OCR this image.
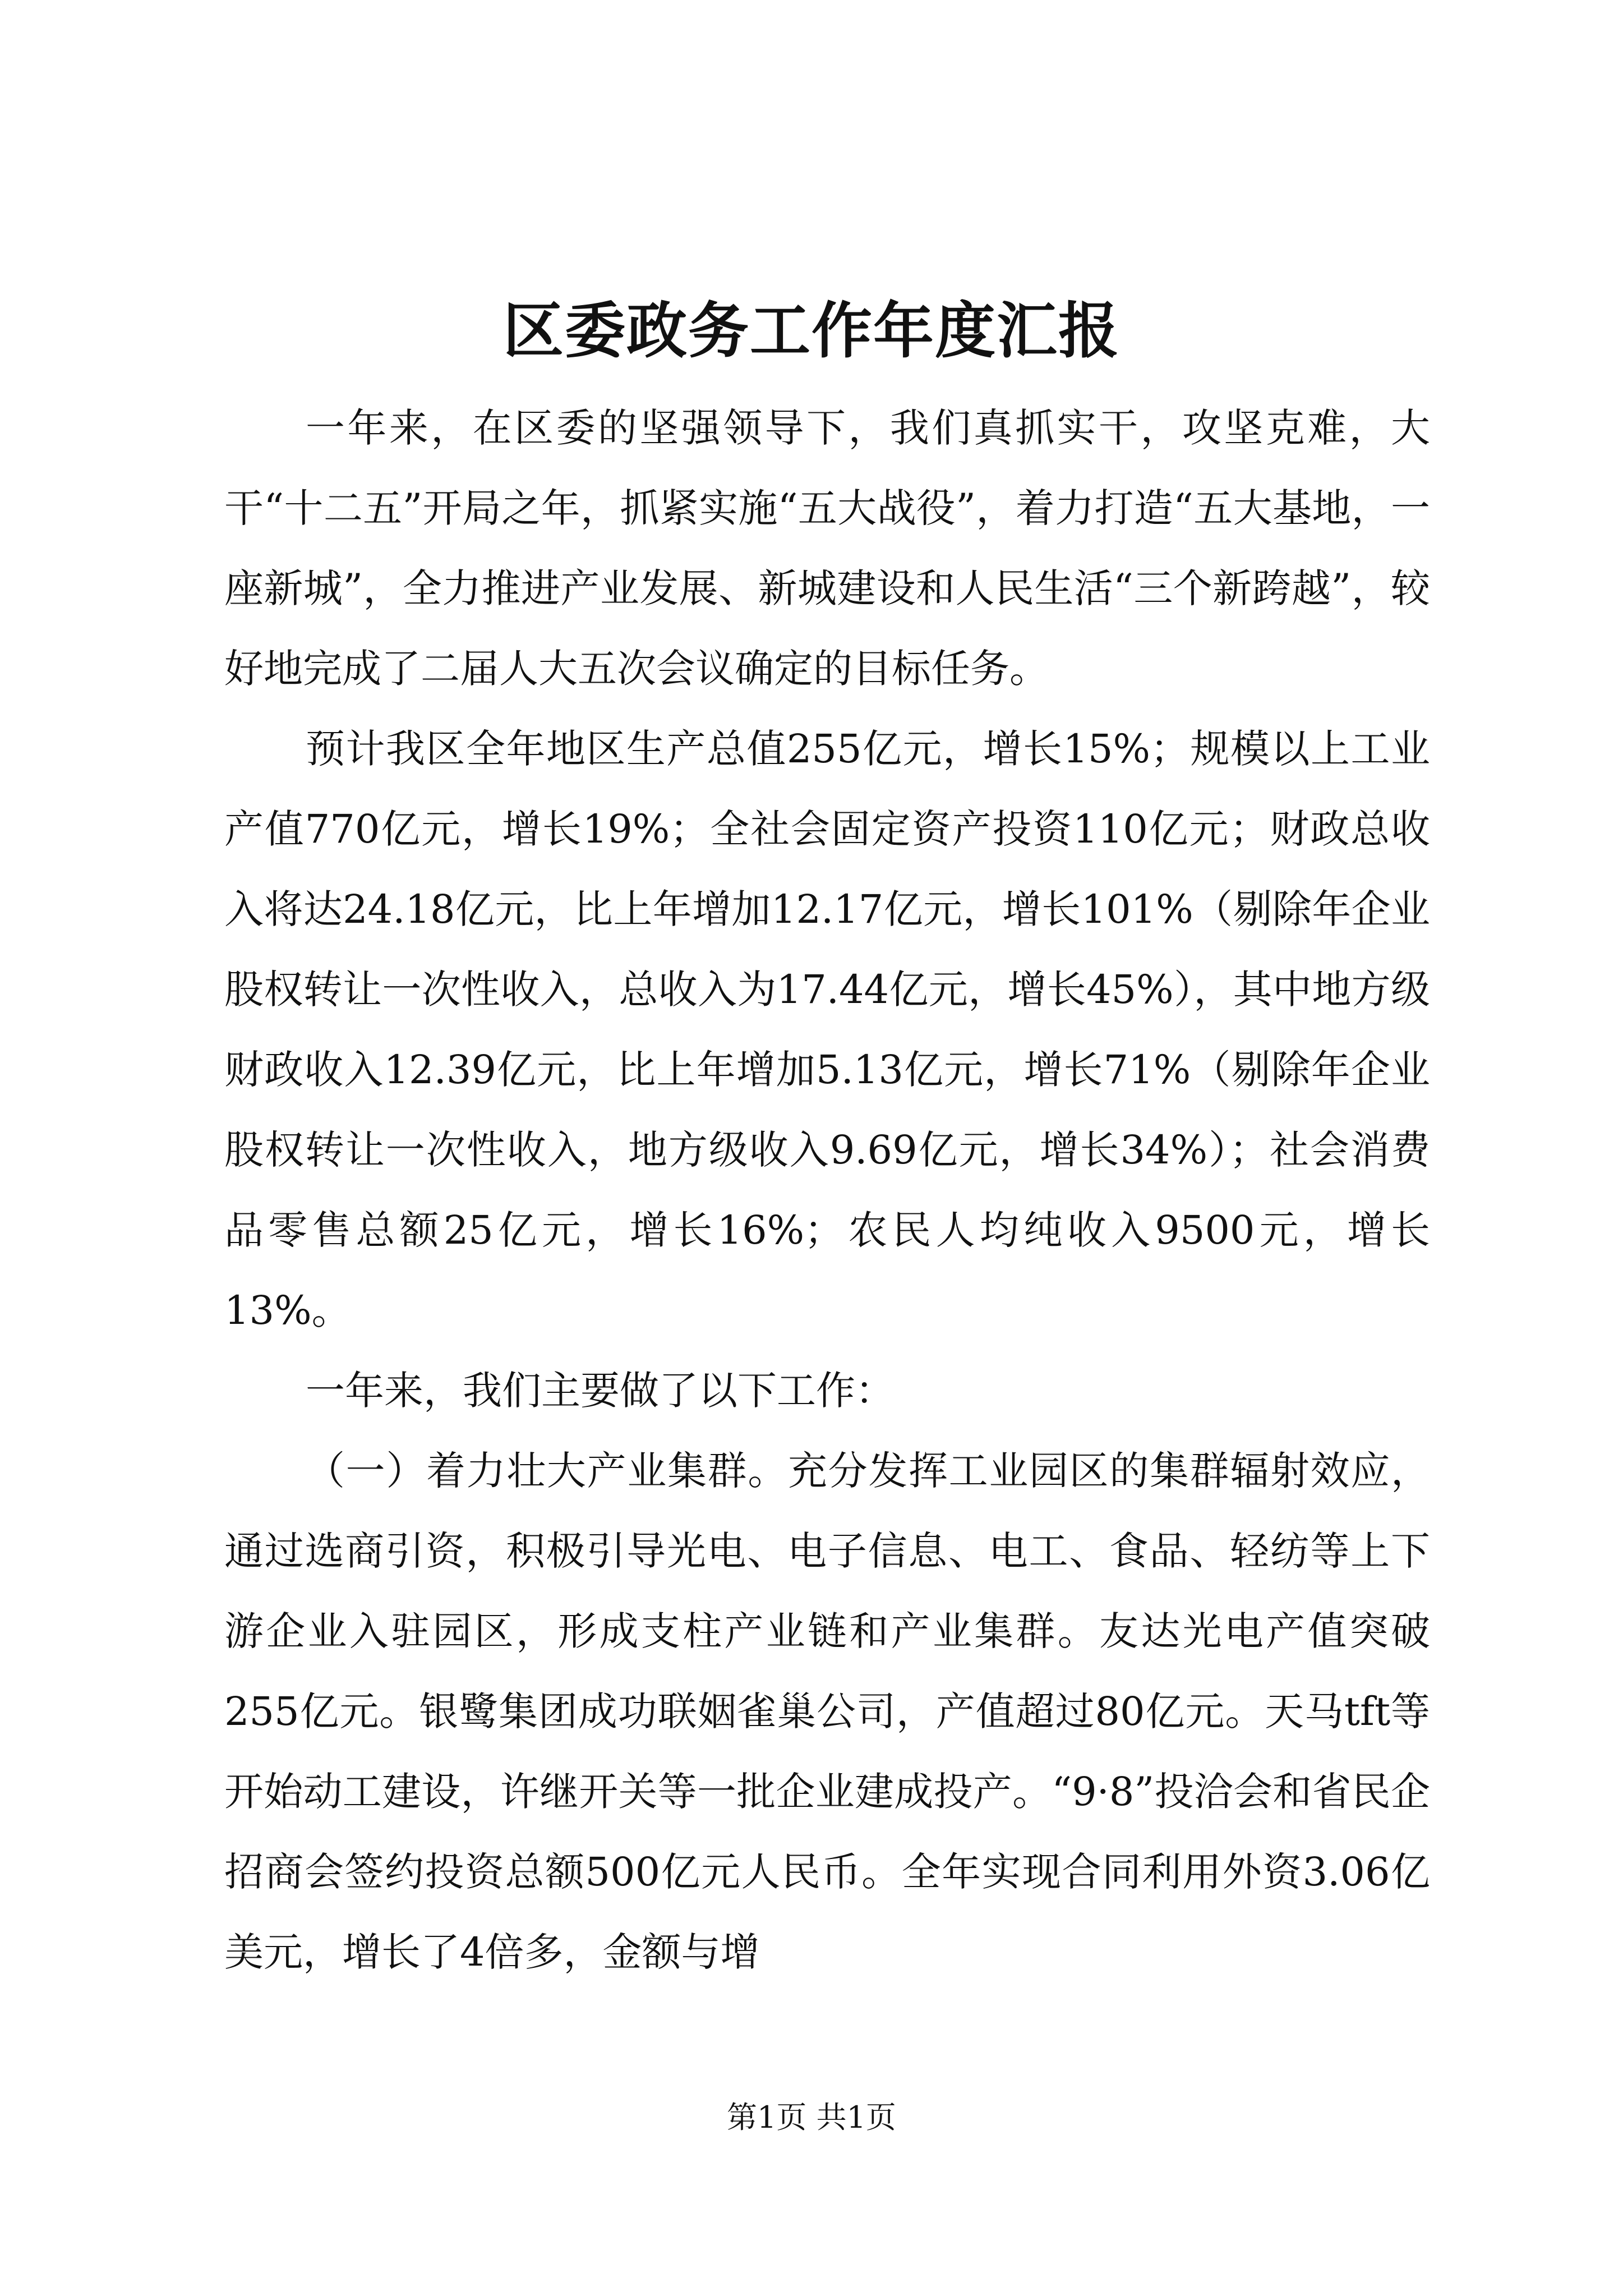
区委政务工作年度汇报

一年来，在区委的坚强领导下，我们真抓实干，攻坚克难，大干“十二五”开局之年，抓紧实施“五大战役”，着力打造“五大基地，一座新城”，全力推进产业发展、新城建设和人民生活“三个新跨越”，较好地完成了二届人大五次会议确定的目标任务。

预计我区全年地区生产总值255亿元，增长15%；规模以上工业产值770亿元，增长19%；全社会固定资产投资110亿元；财政总收入将达24.18亿元，比上年增加12.17亿元，增长101%（剔除年企业股权转让一次性收入，总收入为17.44亿元，增长45%），其中地方级财政收入12.39亿元，比上年增加5.13亿元，增长71%（剔除年企业股权转让一次性收入，地方级收入9.69亿元，增长34%）；社会消费品零售总额25亿元，增长16%；农民人均纯收入9500元，增长13%。

一年来，我们主要做了以下工作：

（一）着力壮大产业集群。充分发挥工业园区的集群辐射效应，通过选商引资，积极引导光电、电子信息、电工、食品、轻纺等上下游企业入驻园区，形成支柱产业链和产业集群。友达光电产值突破255亿元。银鹭集团成功联姻雀巢公司，产值超过80亿元。天马tft等开始动工建设，许继开关等一批企业建成投产。“9·8”投洽会和省民企招商会签约投资总额500亿元人民币。全年实现合同利用外资3.06亿美元，增长了4倍多，金额与增

第1页 共1页
